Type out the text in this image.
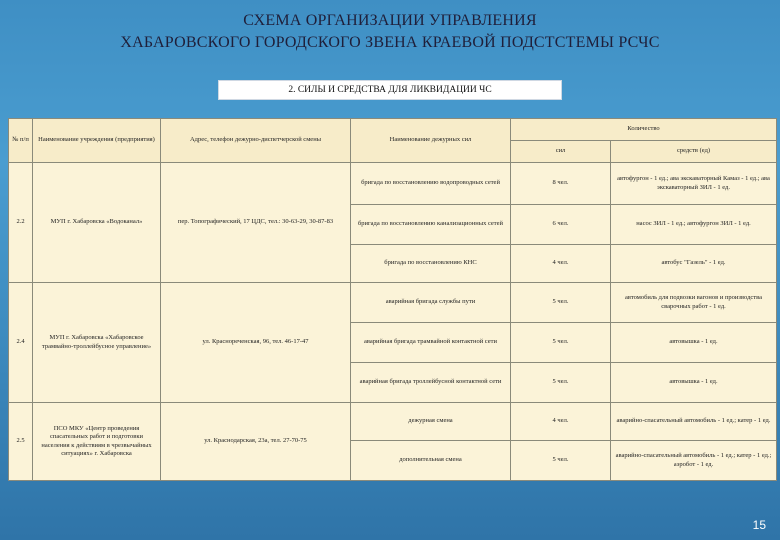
СХЕМА ОРГАНИЗАЦИИ УПРАВЛЕНИЯ
ХАБАРОВСКОГО ГОРОДСКОГО ЗВЕНА КРАЕВОЙ ПОДСТСТЕМЫ РСЧС
2. СИЛЫ И СРЕДСТВА ДЛЯ ЛИКВИДАЦИИ ЧС
№ п/п	Наименование учреждения (предприятия)	Адрес, телефон дежурно-диспетчерской смены	Наименование дежурных сил	Количество	
				сил	средств (ед)
2.2	МУП г. Хабаровска «Водоканал»	пер. Топографический, 17 ЦДС, тел.: 30-63-29, 30-87-83	бригада по восстановлению водопроводных сетей	8 чел.	автофургон - 1 ед.; ава экскаваторный Камаз - 1 ед.; ава экскаваторный ЗИЛ - 1 ед.
			бригада по восстановлению канализационных сетей	6 чел.	насос ЗИЛ - 1 ед.; автофургон ЗИЛ - 1 ед.
			бригада по восстановлению КНС	4 чел.	автобус "Газель" - 1 ед.
2.4	МУП г. Хабаровска «Хабаровское трамвайно-троллейбусное управление»	ул. Краснореченская, 96, тел. 46-17-47	аварийная бригада службы пути	5 чел.	автомобиль для подвозки вагонов и производства сварочных работ - 1 ед.
			аварийная бригада трамвайной контактной сети	5 чел.	автовышка - 1 ед.
			аварийная бригада троллейбусной контактной сети	5 чел.	автовышка - 1 ед.
2.5	ПСО МКУ «Центр проведения спасательных работ и подготовки населения к действиям в чрезвычайных ситуациях» г. Хабаровска	ул. Краснодарская, 23а, тел. 27-70-75	дежурная смена	4 чел.	аварийно-спасательный автомобиль - 1 ед.; катер - 1 ед.
			дополнительная смена	5 чел.	аварийно-спасательный автомобиль - 1 ед.; катер - 1 ед.; аэробот - 1 ед.
15
